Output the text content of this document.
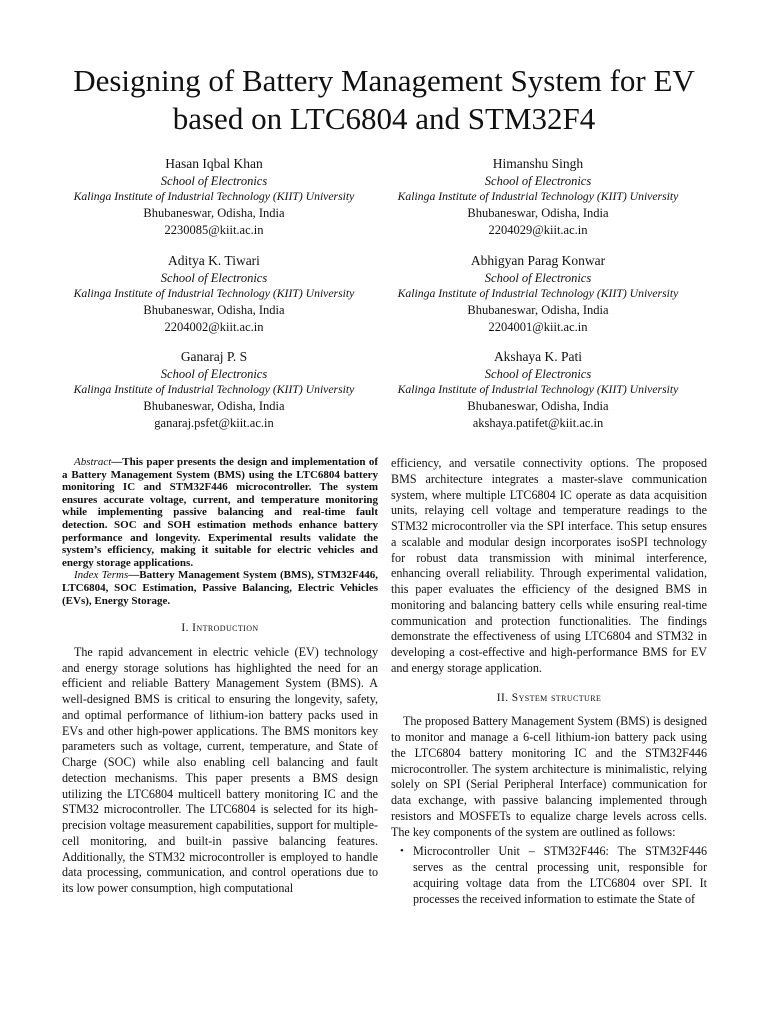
Designing of Battery Management System for EV based on LTC6804 and STM32F4
Hasan Iqbal Khan
School of Electronics
Kalinga Institute of Industrial Technology (KIIT) University
Bhubaneswar, Odisha, India
2230085@kiit.ac.in
Himanshu Singh
School of Electronics
Kalinga Institute of Industrial Technology (KIIT) University
Bhubaneswar, Odisha, India
2204029@kiit.ac.in
Aditya K. Tiwari
School of Electronics
Kalinga Institute of Industrial Technology (KIIT) University
Bhubaneswar, Odisha, India
2204002@kiit.ac.in
Abhigyan Parag Konwar
School of Electronics
Kalinga Institute of Industrial Technology (KIIT) University
Bhubaneswar, Odisha, India
2204001@kiit.ac.in
Ganaraj P. S
School of Electronics
Kalinga Institute of Industrial Technology (KIIT) University
Bhubaneswar, Odisha, India
ganaraj.psfet@kiit.ac.in
Akshaya K. Pati
School of Electronics
Kalinga Institute of Industrial Technology (KIIT) University
Bhubaneswar, Odisha, India
akshaya.patifet@kiit.ac.in

Abstract—This paper presents the design and implementation of a Battery Management System (BMS) using the LTC6804 battery monitoring IC and STM32F446 microcontroller. The system ensures accurate voltage, current, and temperature monitoring while implementing passive balancing and real-time fault detection. SOC and SOH estimation methods enhance battery performance and longevity. Experimental results validate the system’s efficiency, making it suitable for electric vehicles and energy storage applications.

Index Terms—Battery Management System (BMS), STM32F446, LTC6804, SOC Estimation, Passive Balancing, Electric Vehicles (EVs), Energy Storage.

I. Introduction

The rapid advancement in electric vehicle (EV) technology and energy storage solutions has highlighted the need for an efficient and reliable Battery Management System (BMS). A well-designed BMS is critical to ensuring the longevity, safety, and optimal performance of lithium-ion battery packs used in EVs and other high-power applications. The BMS monitors key parameters such as voltage, current, temperature, and State of Charge (SOC) while also enabling cell balancing and fault detection mechanisms. This paper presents a BMS design utilizing the LTC6804 multicell battery monitoring IC and the STM32 microcontroller. The LTC6804 is selected for its high-precision voltage measurement capabilities, support for multiple-cell monitoring, and built-in passive balancing features. Additionally, the STM32 microcontroller is employed to handle data processing, communication, and control operations due to its low power consumption, high computational

efficiency, and versatile connectivity options. The proposed BMS architecture integrates a master-slave communication system, where multiple LTC6804 IC operate as data acquisition units, relaying cell voltage and temperature readings to the STM32 microcontroller via the SPI interface. This setup ensures a scalable and modular design incorporates isoSPI technology for robust data transmission with minimal interference, enhancing overall reliability. Through experimental validation, this paper evaluates the efficiency of the designed BMS in monitoring and balancing battery cells while ensuring real-time communication and protection functionalities. The findings demonstrate the effectiveness of using LTC6804 and STM32 in developing a cost-effective and high-performance BMS for EV and energy storage application.

II. System structure

The proposed Battery Management System (BMS) is designed to monitor and manage a 6-cell lithium-ion battery pack using the LTC6804 battery monitoring IC and the STM32F446 microcontroller. The system architecture is minimalistic, relying solely on SPI (Serial Peripheral Interface) communication for data exchange, with passive balancing implemented through resistors and MOSFETs to equalize charge levels across cells. The key components of the system are outlined as follows:

• Microcontroller Unit – STM32F446: The STM32F446 serves as the central processing unit, responsible for acquiring voltage data from the LTC6804 over SPI. It processes the received information to estimate the State of
